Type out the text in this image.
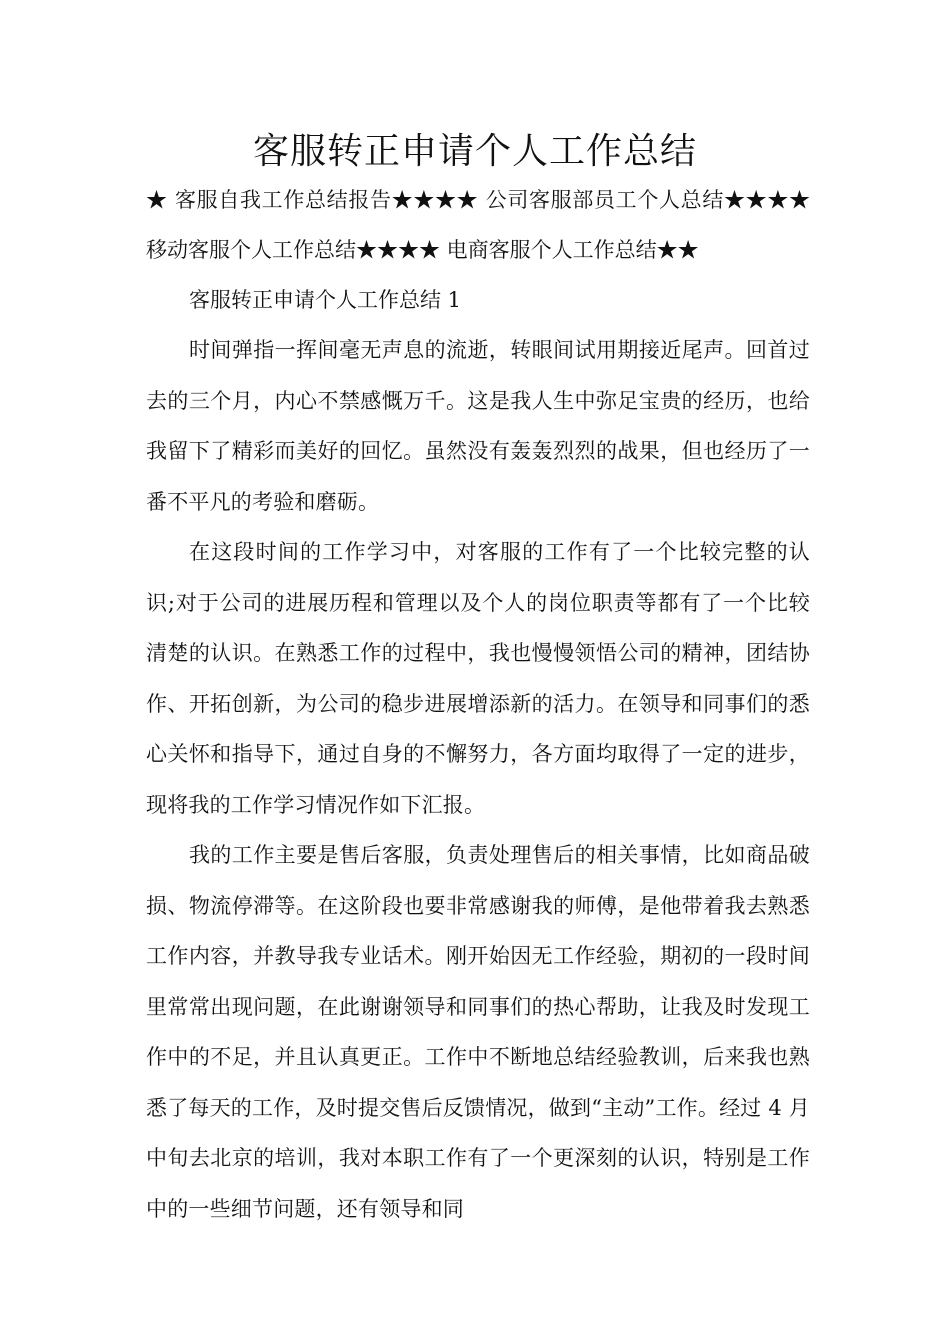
客服转正申请个人工作总结

★ 客服自我工作总结报告★★★★ 公司客服部员工个人总结★★★★ 移动客服个人工作总结★★★★ 电商客服个人工作总结★★

客服转正申请个人工作总结 1

时间弹指一挥间毫无声息的流逝，转眼间试用期接近尾声。回首过去的三个月，内心不禁感慨万千。这是我人生中弥足宝贵的经历，也给我留下了精彩而美好的回忆。虽然没有轰轰烈烈的战果，但也经历了一番不平凡的考验和磨砺。

在这段时间的工作学习中，对客服的工作有了一个比较完整的认识;对于公司的进展历程和管理以及个人的岗位职责等都有了一个比较清楚的认识。在熟悉工作的过程中，我也慢慢领悟公司的精神，团结协作、开拓创新，为公司的稳步进展增添新的活力。在领导和同事们的悉心关怀和指导下，通过自身的不懈努力，各方面均取得了一定的进步，现将我的工作学习情况作如下汇报。

我的工作主要是售后客服，负责处理售后的相关事情，比如商品破损、物流停滞等。在这阶段也要非常感谢我的师傅，是他带着我去熟悉工作内容，并教导我专业话术。刚开始因无工作经验，期初的一段时间里常常出现问题，在此谢谢领导和同事们的热心帮助，让我及时发现工作中的不足，并且认真更正。工作中不断地总结经验教训，后来我也熟悉了每天的工作，及时提交售后反馈情况，做到“主动”工作。经过 4 月中旬去北京的培训，我对本职工作有了一个更深刻的认识，特别是工作中的一些细节问题，还有领导和同
